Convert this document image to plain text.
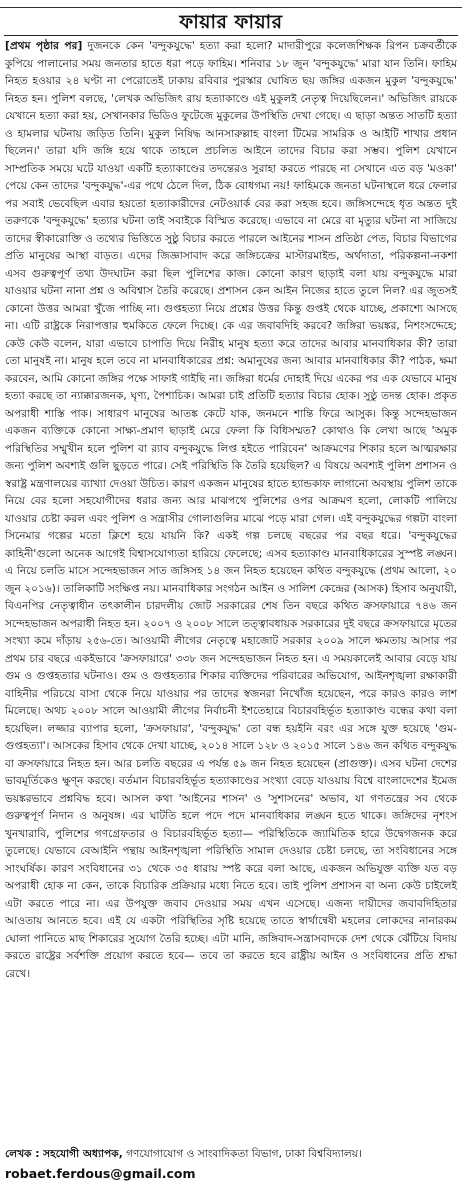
ফায়ার ফায়ার

[প্রথম পৃষ্ঠার পর] দুজনকে কেন 'বন্দুকযুদ্ধে' হত্যা করা হলো? মাদারীপুরে কলেজশিক্ষক রিপন চক্রবর্তীকে কুপিয়ে পালানোর সময় জনতার হাতে ধরা পড়ে ফাহিম। শনিবার ১৮ জুন 'বন্দুকযুদ্ধে' মারা যান তিনি। ফাহিম নিহত হওয়ার ২৪ ঘণ্টা না পেরোতেই ঢাকায় রবিবার পুরস্কার ঘোষিত ছয় জঙ্গির একজন মুকুল 'বন্দুকযুদ্ধে' নিহত হন। পুলিশ বলছে, 'লেখক অভিজিৎ রায় হত্যাকাণ্ডে এই মুকুলই নেতৃত্ব দিয়েছিলেন।' অভিজিৎ রায়কে যেখানে হত্যা করা হয়, সেখানকার ভিডিও ফুটেজে মুকুলের উপস্থিতি দেখা গেছে। এ ছাড়া অন্তত সাতটি হত্যা ও হামলার ঘটনায় জড়িত তিনি। মুকুল নিষিদ্ধ আনসারুল্লাহ বাংলা টিমের সামরিক ও আইটি শাখার প্রধান ছিলেন।' তারা যদি জঙ্গি হয়ে থাকে তাহলে প্রচলিত আইনে তাদের বিচার করা সম্ভব। পুলিশ যেখানে সাম্প্রতিক সময়ে ঘটে যাওয়া একটি হত্যাকাণ্ডের তদন্তেরও সুরাহা করতে পারছে না সেখানে এত বড় 'মওকা' পেয়ে কেন তাদের 'বন্দুকযুদ্ধ'-এর পথে ঠেলে দিল, ঠিক বোধগম্য নয়! ফাহিমকে জনতা ঘটনাস্থলে ধরে ফেলার পর সবাই ভেবেছিল এবার হয়তো হত্যাকারীদের নেটওয়ার্ক বের করা সহজ হবে। জঙ্গিসন্দেহে ধৃত অন্তত দুই তরুণকে 'বন্দুকযুদ্ধে' হত্যার ঘটনা তাই সবাইকে বিস্মিত করেছে। এভাবে না মেরে বা মৃত্যুর ঘটনা না সাজিয়ে তাদের স্বীকারোক্তি ও তথ্যের ভিত্তিতে সুষ্ঠু বিচার করতে পারলে আইনের শাসন প্রতিষ্ঠা পেত, বিচার বিভাগের প্রতি মানুষের আস্থা বাড়ত। এদের জিজ্ঞাসাবাদ করে জঙ্গিচক্রের মাস্টারমাইন্ড, অর্থদাতা, পরিকল্পনা-নকশা এসব গুরুত্বপূর্ণ তথ্য উদঘাটন করা ছিল পুলিশের কাজ। কোনো কারণ ছাড়াই বলা যায় বন্দুকযুদ্ধে মারা যাওয়ার ঘটনা নানা প্রশ্ন ও অবিশ্বাস তৈরি করেছে। প্রশাসন কেন আইন নিজের হাতে তুলে নিল? এর জুতসই কোনো উত্তর আমরা খুঁজে পাচ্ছি না। গুপ্তহত্যা নিয়ে প্রশ্নের উত্তর কিন্তু গুপ্তই থেকে যাচ্ছে, প্রকাশ্যে আসছে না। এটি রাষ্ট্রকে নিরাপত্তার হুমকিতে ফেলে দিচ্ছে। কে এর জবাবদিহি করবে? জঙ্গিরা ভয়ঙ্কর, নিশংসদ্দেহে; কেউ কেউ বলেন, যারা এভাবে চাপাতি দিয়ে নিরীহ মানুষ হত্যা করে তাদের আবার মানবাধিকার কী? তারা তো মানুষই না। মানুষ হলে তবে না মানবাধিকারের প্রশ্ন: অমানুষের জন্য আবার মানবাধিকার কী? পাঠক, ক্ষমা করবেন, আমি কোনো জঙ্গির পক্ষে সাফাই গাইছি না। জঙ্গিরা ধর্মের দোহাই দিয়ে একের পর এক যেভাবে মানুষ হত্যা করছে তা ন্যাক্কারজনক, ঘৃণ্য, পৈশাচিক। আমরা চাই প্রতিটি হত্যার বিচার হোক। সুষ্ঠু তদন্ত হোক। প্রকৃত অপরাধী শাস্তি পাক। সাধারণ মানুষের আতঙ্ক কেটে যাক, জনমনে শান্তি ফিরে আসুক। কিন্তু সন্দেহভাজন একজন ব্যক্তিকে কোনো সাক্ষ্য-প্রমাণ ছাড়াই মেরে ফেলা কি বিধিসম্মত? কোথাও কি লেখা আছে 'অমুক পরিস্থিতির সম্মুখীন হলে পুলিশ বা র‍্যাব বন্দুকযুদ্ধে লিপ্ত হইতে পারিবেন' আক্রমণের শিকার হলে আত্মরক্ষার জন্য পুলিশ অবশ্যই গুলি ছুড়তে পারে। সেই পরিস্থিতি কি তৈরি হয়েছিল? এ বিষয়ে অবশ্যই পুলিশ প্রশাসন ও স্বরাষ্ট্র মন্ত্রণালয়ের ব্যাখ্যা দেওয়া উচিত। কারণ একজন মানুষের হাতে হ্যান্ডকাফ লাগানো অবস্থায় পুলিশ তাকে নিয়ে বের হলো সহযোগীদের ধরার জন্য আর মাঝপথে পুলিশের ওপর আক্রমণ হলো, লোকটি পালিয়ে যাওয়ার চেষ্টা করল এবং পুলিশ ও সন্ত্রাসীর গোলাগুলির মাঝে পড়ে মারা গেল। এই বন্দুকযুদ্ধের গল্পটা বাংলা সিনেমার গল্পের মতো ক্লিশে হয়ে যায়নি কি? একই গল্প চলছে বছরের পর বছর ধরে। 'বন্দুকযুদ্ধের কাহিনী'গুলো অনেক আগেই বিশ্বাসযোগ্যতা হারিয়ে ফেলেছে; এসব হত্যাকাণ্ড মানবাধিকারের সুস্পষ্ট লঙ্ঘন। এ নিয়ে চলতি মাসে সন্দেহভাজন সাত জঙ্গিসহ ১৪ জন নিহত হয়েছেন কথিত বন্দুকযুদ্ধে (প্রথম আলো, ২০ জুন ২০১৬)। তালিকাটি সংক্ষিপ্ত নয়। মানবাধিকার সংগঠন আইন ও সালিশ কেন্দ্রের (আসক) হিসাব অনুযায়ী, বিএনপির নেতৃত্বাধীন তৎকালীন চারদলীয় জোট সরকারের শেষ তিন বছরে কথিত ক্রসফায়ারে ৭৪৬ জন সন্দেহভাজন অপরাধী নিহত হন। ২০০৭ ও ২০০৮ সালে তত্ত্বাবধায়ক সরকারের দুই বছরে ক্রসফায়ারে মৃতের সংখ্যা কমে দাঁড়ায় ২৫৬-তে। আওয়ামী লীগের নেতৃত্বে মহাজোট সরকার ২০০৯ সালে ক্ষমতায় আসার পর প্রথম চার বছরে একইভাবে 'ক্রসফায়ারে' ৩৩৮ জন সন্দেহভাজন নিহত হন। এ সময়কালেই আবার বেড়ে যায় গুম ও গুপ্তহত্যার ঘটনাও। গুম ও গুপ্তহত্যার শিকার ব্যক্তিদের পরিবারের অভিযোগ, আইনশৃঙ্খলা রক্ষাকারী বাহিনীর পরিচয়ে বাসা থেকে নিয়ে যাওয়ার পর তাদের স্বজনরা নিখোঁজ হয়েছেন, পরে কারও কারও লাশ মিলেছে। অথচ ২০০৮ সালে আওয়ামী লীগের নির্বাচনী ইশতেহারে বিচারবহির্ভূত হত্যাকাণ্ড বন্ধের কথা বলা হয়েছিল। লজ্জার ব্যাপার হলো, 'ক্রসফায়ার', 'বন্দুকযুদ্ধ' তো বন্ধ হয়ইনি বরং এর সঙ্গে যুক্ত হয়েছে 'গুম-গুপ্তহত্যা'। আসকের হিসাব থেকে দেখা যাচ্ছে, ২০১৪ সালে ১২৮ ও ২০১৫ সালে ১৪৬ জন কথিত বন্দুকযুদ্ধ বা ক্রসফায়ারে নিহত হন। আর চলতি বছরের এ পর্যন্ত ৫৯ জন নিহত হয়েছেন (প্রাগুক্ত)। এসব ঘটনা দেশের ভাবমূর্তিকেও ক্ষুণ্ন করছে। বর্তমান বিচারবহির্ভূত হত্যাকাণ্ডের সংখ্যা বেড়ে যাওয়ায় বিশ্বে বাংলাদেশের ইমেজ ভয়ঙ্করভাবে প্রশ্নবিদ্ধ হবে। আসল কথা 'আইনের শাসন' ও 'সুশাসনের' অভাব, যা গণতন্ত্রের সব থেকে গুরুত্বপূর্ণ নিদান ও অনুষঙ্গ। এর ঘাটতি হলে পদে পদে মানবাধিকার লঙ্ঘন হতে থাকে। জঙ্গিদের নৃশংস খুনখারাবি, পুলিশের গণগ্রেফতার ও বিচারবহির্ভূত হত্যা— পরিস্থিতিকে জ্যামিতিক হারে উদ্বেগজনক করে তুলেছে। যেভাবে বেআইনি পন্থায় আইনশৃঙ্খলা পরিস্থিতি সামাল দেওয়ার চেষ্টা চলছে, তা সংবিধানের সঙ্গে সাংঘর্ষিক। কারণ সংবিধানের ৩১ থেকে ৩৫ ধারায় স্পষ্ট করে বলা আছে, একজন অভিযুক্ত ব্যক্তি যত বড় অপরাধী হোক না কেন, তাকে বিচারিক প্রক্রিয়ার মধ্যে নিতে হবে। তাই পুলিশ প্রশাসন বা অন্য কেউ চাইলেই এটা করতে পারে না। এর উপযুক্ত জবাব দেওয়ার সময় এখন এসেছে। এজন্য দায়ীদের জবাবদিহিতার আওতায় আনতে হবে। এই যে একটা পরিস্থিতির সৃষ্টি হয়েছে তাতে স্বার্থান্বেষী মহলের লোকদের নানারকম ঘোলা পানিতে মাছ শিকারের সুযোগ তৈরি হচ্ছে। এটা মানি, জঙ্গিবাদ-সন্ত্রাসবাদকে দেশ থেকে ঝেঁটিয়ে বিদায় করতে রাষ্ট্রের সর্বশক্তি প্রয়োগ করতে হবে— তবে তা করতে হবে রাষ্ট্রীয় আইন ও সংবিধানের প্রতি শ্রদ্ধা রেখে।

লেখক : সহযোগী অধ্যাপক, গণযোগাযোগ ও সাংবাদিকতা বিভাগ, ঢাকা বিশ্ববিদ্যালয়।
robaet.ferdous@gmail.com
